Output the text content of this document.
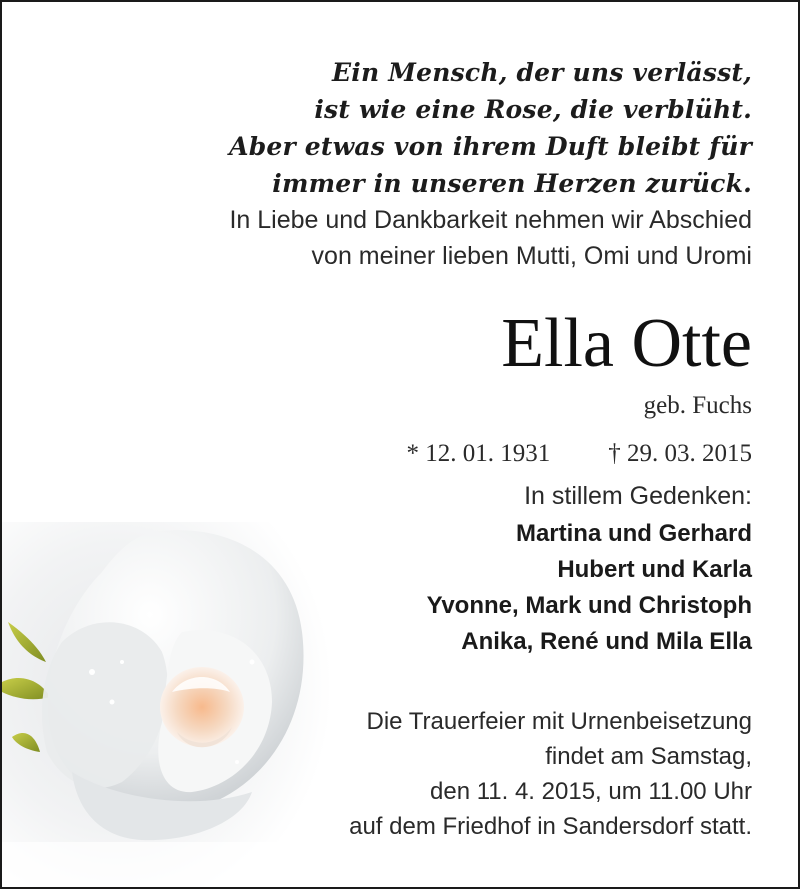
Ein Mensch, der uns verlässt,
ist wie eine Rose, die verblüht.
Aber etwas von ihrem Duft bleibt für
immer in unseren Herzen zurück.
In Liebe und Dankbarkeit nehmen wir Abschied
von meiner lieben Mutti, Omi und Uromi
Ella Otte
geb. Fuchs
* 12. 01. 1931 † 29. 03. 2015
In stillem Gedenken:
Martina und Gerhard
Hubert und Karla
Yvonne, Mark und Christoph
Anika, René und Mila Ella
Die Trauerfeier mit Urnenbeisetzung
findet am Samstag,
den 11. 4. 2015, um 11.00 Uhr
auf dem Friedhof in Sandersdorf statt.
